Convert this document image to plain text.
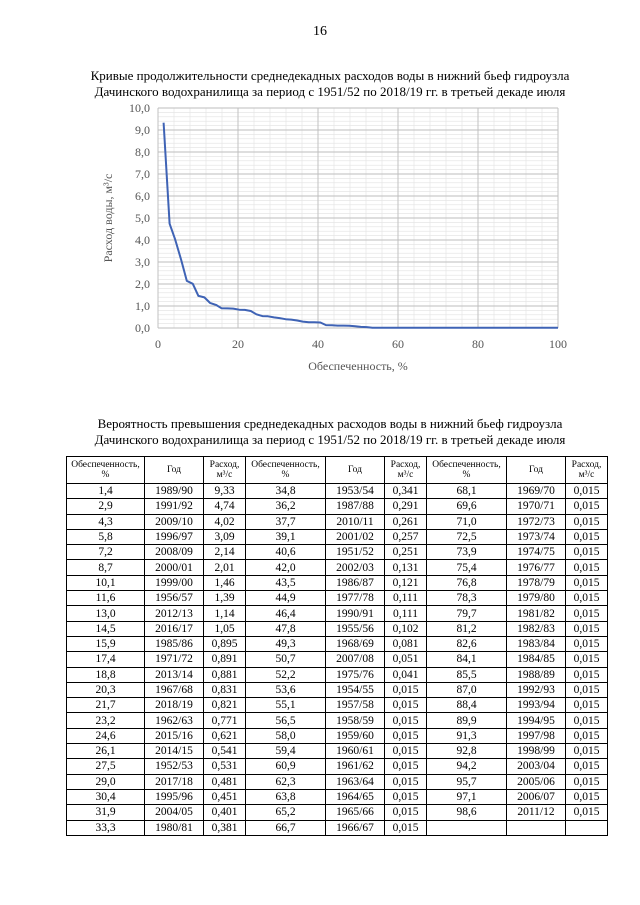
16
Кривые продолжительности среднедекадных расходов воды в нижний бьеф гидроузла
Дачинского водохранилища за период с 1951/52 по 2018/19 гг. в третьей декаде июля
0,0
1,0
2,0
3,0
4,0
5,0
6,0
7,0
8,0
9,0
10,0
0	20	40	60	80	100
Обеспеченность, %
Расход воды, м³/с
Вероятность превышения среднедекадных расходов воды в нижний бьеф гидроузла
Дачинского водохранилища за период с 1951/52 по 2018/19 гг. в третьей декаде июля
Обеспеченность, %	Год	Расход, м³/с	Обеспеченность, %	Год	Расход, м³/с	Обеспеченность, %	Год	Расход, м³/с
1,4	1989/90	9,33	34,8	1953/54	0,341	68,1	1969/70	0,015
2,9	1991/92	4,74	36,2	1987/88	0,291	69,6	1970/71	0,015
4,3	2009/10	4,02	37,7	2010/11	0,261	71,0	1972/73	0,015
5,8	1996/97	3,09	39,1	2001/02	0,257	72,5	1973/74	0,015
7,2	2008/09	2,14	40,6	1951/52	0,251	73,9	1974/75	0,015
8,7	2000/01	2,01	42,0	2002/03	0,131	75,4	1976/77	0,015
10,1	1999/00	1,46	43,5	1986/87	0,121	76,8	1978/79	0,015
11,6	1956/57	1,39	44,9	1977/78	0,111	78,3	1979/80	0,015
13,0	2012/13	1,14	46,4	1990/91	0,111	79,7	1981/82	0,015
14,5	2016/17	1,05	47,8	1955/56	0,102	81,2	1982/83	0,015
15,9	1985/86	0,895	49,3	1968/69	0,081	82,6	1983/84	0,015
17,4	1971/72	0,891	50,7	2007/08	0,051	84,1	1984/85	0,015
18,8	2013/14	0,881	52,2	1975/76	0,041	85,5	1988/89	0,015
20,3	1967/68	0,831	53,6	1954/55	0,015	87,0	1992/93	0,015
21,7	2018/19	0,821	55,1	1957/58	0,015	88,4	1993/94	0,015
23,2	1962/63	0,771	56,5	1958/59	0,015	89,9	1994/95	0,015
24,6	2015/16	0,621	58,0	1959/60	0,015	91,3	1997/98	0,015
26,1	2014/15	0,541	59,4	1960/61	0,015	92,8	1998/99	0,015
27,5	1952/53	0,531	60,9	1961/62	0,015	94,2	2003/04	0,015
29,0	2017/18	0,481	62,3	1963/64	0,015	95,7	2005/06	0,015
30,4	1995/96	0,451	63,8	1964/65	0,015	97,1	2006/07	0,015
31,9	2004/05	0,401	65,2	1965/66	0,015	98,6	2011/12	0,015
33,3	1980/81	0,381	66,7	1966/67	0,015			
